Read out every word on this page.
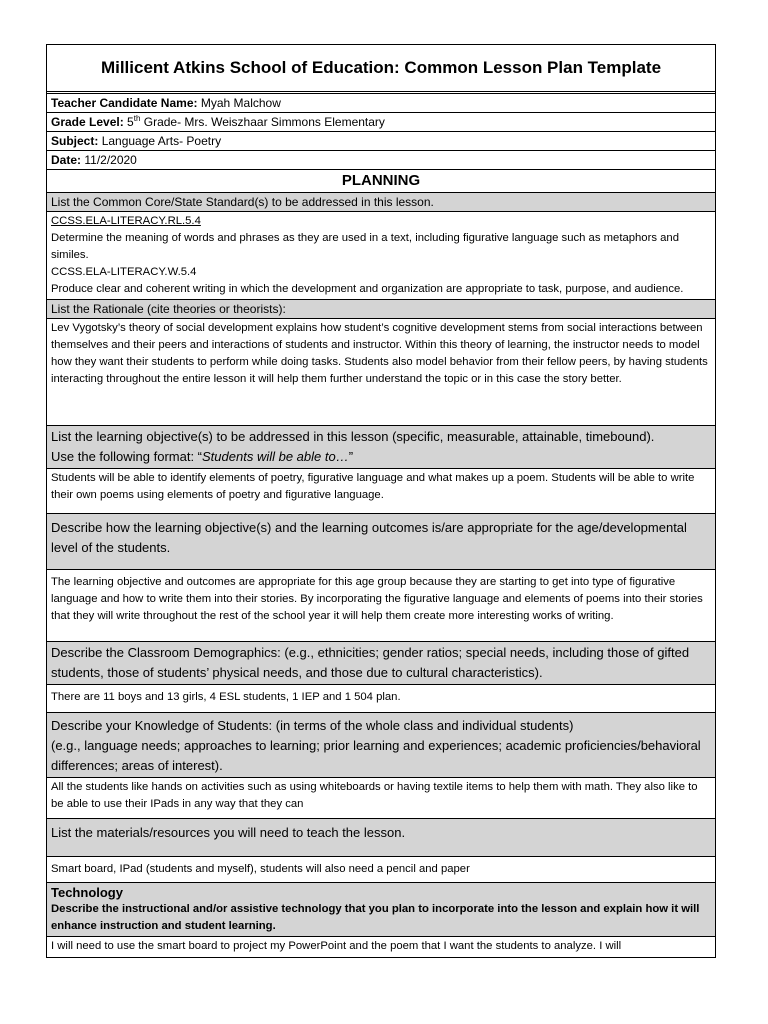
Millicent Atkins School of Education: Common Lesson Plan Template

Teacher Candidate Name: Myah Malchow
Grade Level: 5th Grade- Mrs. Weiszhaar Simmons Elementary
Subject: Language Arts- Poetry
Date: 11/2/2020
PLANNING
List the Common Core/State Standard(s) to be addressed in this lesson.

CCSS.ELA-LITERACY.RL.5.4
Determine the meaning of words and phrases as they are used in a text, including figurative language such as metaphors and similes.
CCSS.ELA-LITERACY.W.5.4
Produce clear and coherent writing in which the development and organization are appropriate to task, purpose, and audience.

List the Rationale (cite theories or theorists):
Lev Vygotsky’s theory of social development explains how student’s cognitive development stems from social interactions between themselves and their peers and interactions of students and instructor. Within this theory of learning, the instructor needs to model how they want their students to perform while doing tasks. Students also model behavior from their fellow peers, by having students interacting throughout the entire lesson it will help them further understand the topic or in this case the story better.

List the learning objective(s) to be addressed in this lesson (specific, measurable, attainable, timebound).
Use the following format: “Students will be able to…”
Students will be able to identify elements of poetry, figurative language and what makes up a poem. Students will be able to write their own poems using elements of poetry and figurative language.
Describe how the learning objective(s) and the learning outcomes is/are appropriate for the age/developmental level of the students.
The learning objective and outcomes are appropriate for this age group because they are starting to get into type of figurative language and how to write them into their stories. By incorporating the figurative language and elements of poems into their stories that they will write throughout the rest of the school year it will help them create more interesting works of writing.
Describe the Classroom Demographics: (e.g., ethnicities; gender ratios; special needs, including those of gifted students, those of students’ physical needs, and those due to cultural characteristics).
There are 11 boys and 13 girls, 4 ESL students, 1 IEP and 1 504 plan.

Describe your Knowledge of Students: (in terms of the whole class and individual students)
(e.g., language needs; approaches to learning; prior learning and experiences; academic proficiencies/behavioral differences; areas of interest).

All the students like hands on activities such as using whiteboards or having textile items to help them with math. They also like to be able to use their IPads in any way that they can
List the materials/resources you will need to teach the lesson.
Smart board, IPad (students and myself), students will also need a pencil and paper

Technology
Describe the instructional and/or assistive technology that you plan to incorporate into the lesson and explain how it will enhance instruction and student learning.

I will need to use the smart board to project my PowerPoint and the poem that I want the students to analyze. I will
